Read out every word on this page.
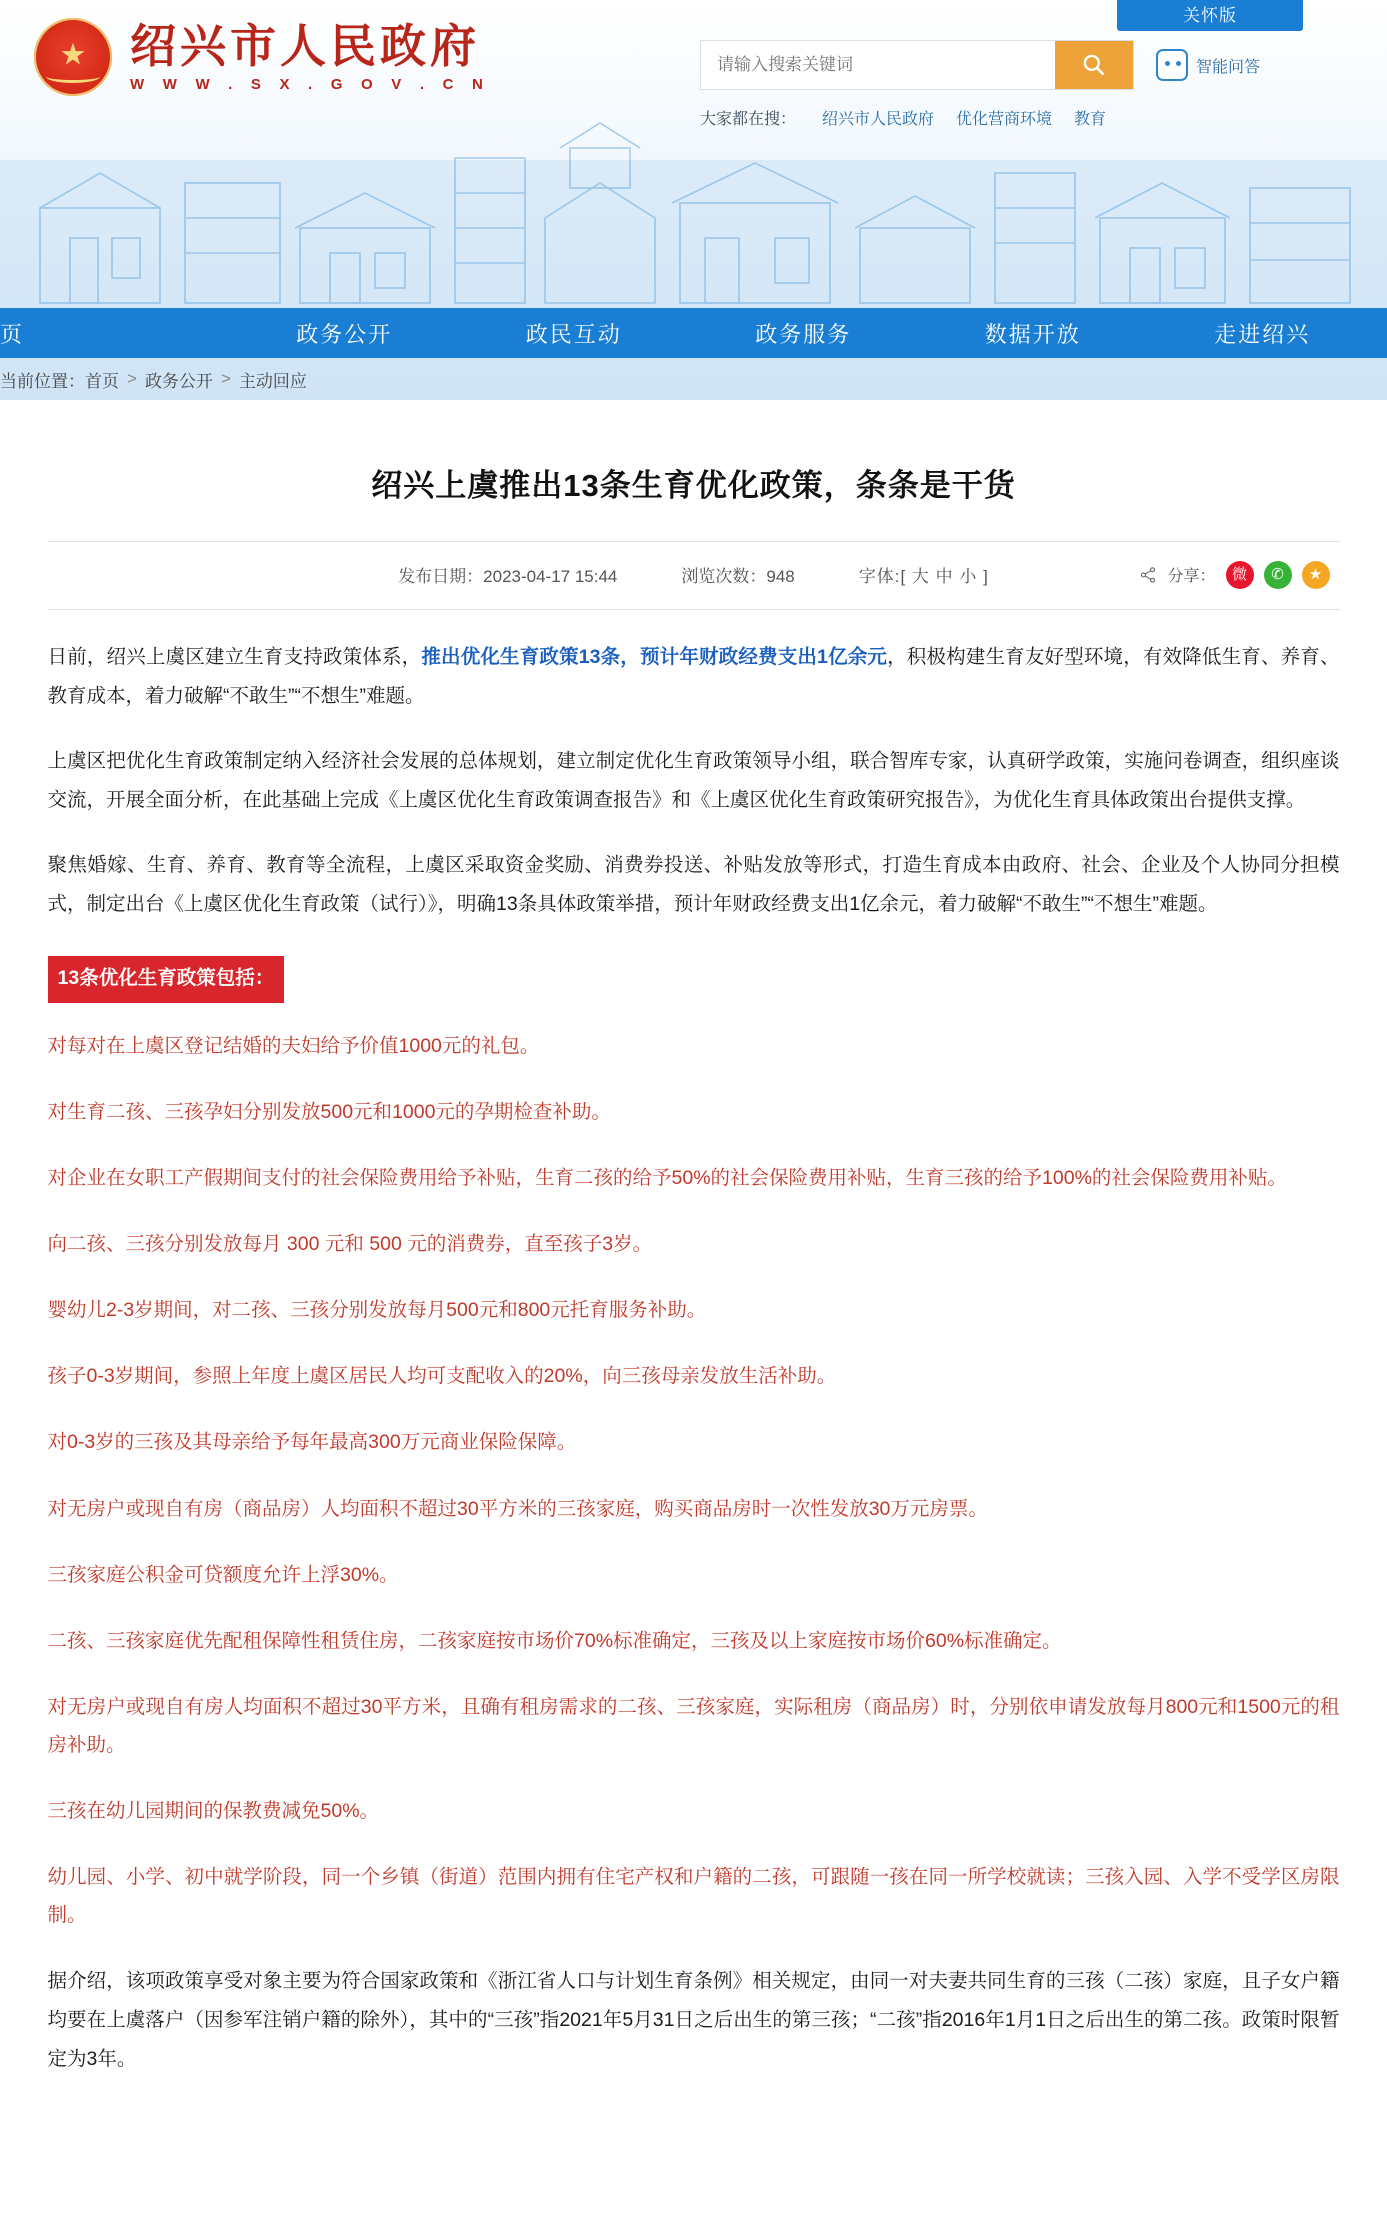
关怀版
★
绍兴市人民政府
W W W . S X . G O V . C N
请输入搜索关键词
智能问答
大家都在搜： 绍兴市人民政府 优化营商环境 教育
页	政务公开	政民互动	政务服务	数据开放	走进绍兴
当前位置： 首页 > 政务公开 > 主动回应
绍兴上虞推出13条生育优化政策，条条是干货
发布日期：2023-04-17 15:44	浏览次数：948	字体:[ 大 中 小 ]	分享：	微	✆	★

日前，绍兴上虞区建立生育支持政策体系，推出优化生育政策13条，预计年财政经费支出1亿余元，积极构建生育友好型环境，有效降低生育、养育、教育成本，着力破解“不敢生”“不想生”难题。

上虞区把优化生育政策制定纳入经济社会发展的总体规划，建立制定优化生育政策领导小组，联合智库专家，认真研学政策，实施问卷调查，组织座谈交流，开展全面分析，在此基础上完成《上虞区优化生育政策调查报告》和《上虞区优化生育政策研究报告》，为优化生育具体政策出台提供支撑。

聚焦婚嫁、生育、养育、教育等全流程，上虞区采取资金奖励、消费券投送、补贴发放等形式，打造生育成本由政府、社会、企业及个人协同分担模式，制定出台《上虞区优化生育政策（试行）》，明确13条具体政策举措，预计年财政经费支出1亿余元，着力破解“不敢生”“不想生”难题。

13条优化生育政策包括：

对每对在上虞区登记结婚的夫妇给予价值1000元的礼包。

对生育二孩、三孩孕妇分别发放500元和1000元的孕期检查补助。

对企业在女职工产假期间支付的社会保险费用给予补贴，生育二孩的给予50%的社会保险费用补贴，生育三孩的给予100%的社会保险费用补贴。

向二孩、三孩分别发放每月 300 元和 500 元的消费券，直至孩子3岁。

婴幼儿2-3岁期间，对二孩、三孩分别发放每月500元和800元托育服务补助。

孩子0-3岁期间，参照上年度上虞区居民人均可支配收入的20%，向三孩母亲发放生活补助。

对0-3岁的三孩及其母亲给予每年最高300万元商业保险保障。

对无房户或现自有房（商品房）人均面积不超过30平方米的三孩家庭，购买商品房时一次性发放30万元房票。

三孩家庭公积金可贷额度允许上浮30%。

二孩、三孩家庭优先配租保障性租赁住房，二孩家庭按市场价70%标准确定，三孩及以上家庭按市场价60%标准确定。

对无房户或现自有房人均面积不超过30平方米，且确有租房需求的二孩、三孩家庭，实际租房（商品房）时，分别依申请发放每月800元和1500元的租房补助。

三孩在幼儿园期间的保教费减免50%。

幼儿园、小学、初中就学阶段，同一个乡镇（街道）范围内拥有住宅产权和户籍的二孩，可跟随一孩在同一所学校就读；三孩入园、入学不受学区房限制。

据介绍，该项政策享受对象主要为符合国家政策和《浙江省人口与计划生育条例》相关规定，由同一对夫妻共同生育的三孩（二孩）家庭，且子女户籍均要在上虞落户（因参军注销户籍的除外），其中的“三孩”指2021年5月31日之后出生的第三孩；“二孩”指2016年1月1日之后出生的第二孩。政策时限暂定为3年。
